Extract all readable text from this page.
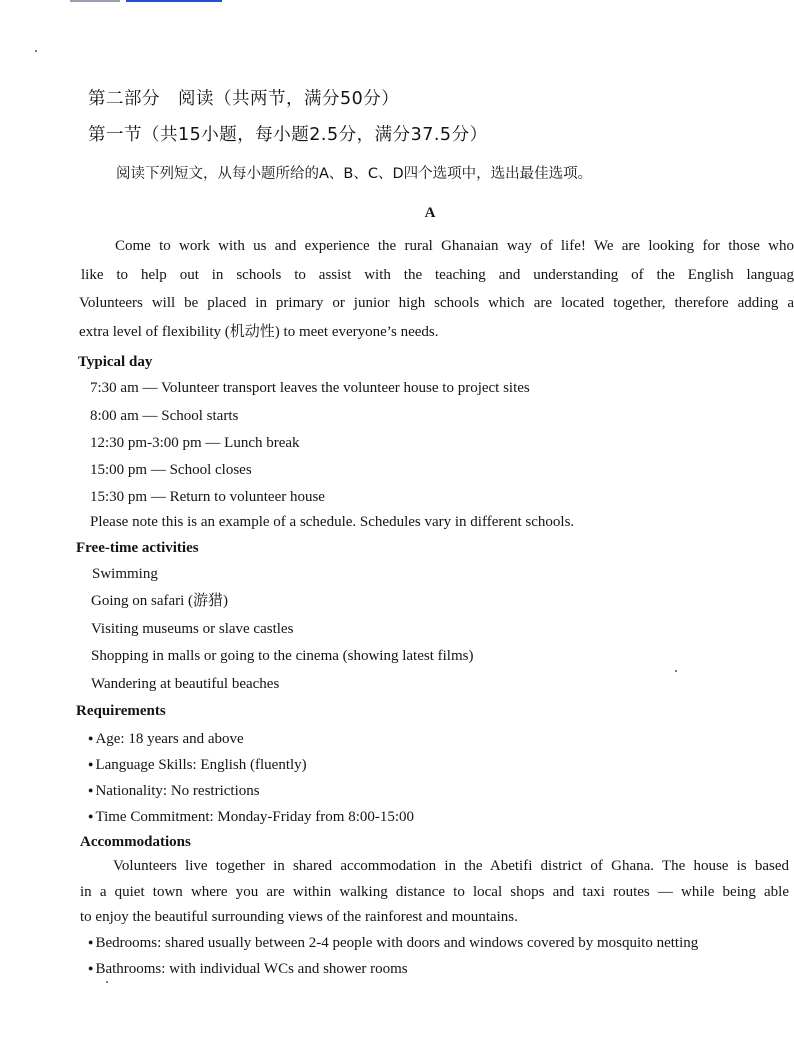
第二部分　阅读（共两节，满分50分）
第一节（共15小题，每小题2.5分，满分37.5分）
阅读下列短文，从每小题所给的A、B、C、D四个选项中，选出最佳选项。
A
Come to work with us and experience the rural Ghanaian way of life! We are looking for those who
like to help out in schools to assist with the teaching and understanding of the English languag
Volunteers will be placed in primary or junior high schools which are located together, therefore adding a
extra level of flexibility (机动性) to meet everyone’s needs.
Typical day
7:30 am — Volunteer transport leaves the volunteer house to project sites
8:00 am — School starts
12:30 pm-3:00 pm — Lunch break
15:00 pm — School closes
15:30 pm — Return to volunteer house
Please note this is an example of a schedule. Schedules vary in different schools.
Free-time activities
Swimming
Going on safari (游猎)
Visiting museums or slave castles
Shopping in malls or going to the cinema (showing latest films)
Wandering at beautiful beaches
Requirements
● Age: 18 years and above
● Language Skills: English (fluently)
● Nationality: No restrictions
● Time Commitment: Monday-Friday from 8:00-15:00
Accommodations
Volunteers live together in shared accommodation in the Abetifi district of Ghana. The house is based
in a quiet town where you are within walking distance to local shops and taxi routes — while being able
to enjoy the beautiful surrounding views of the rainforest and mountains.
● Bedrooms: shared usually between 2-4 people with doors and windows covered by mosquito netting
● Bathrooms: with individual WCs and shower rooms
